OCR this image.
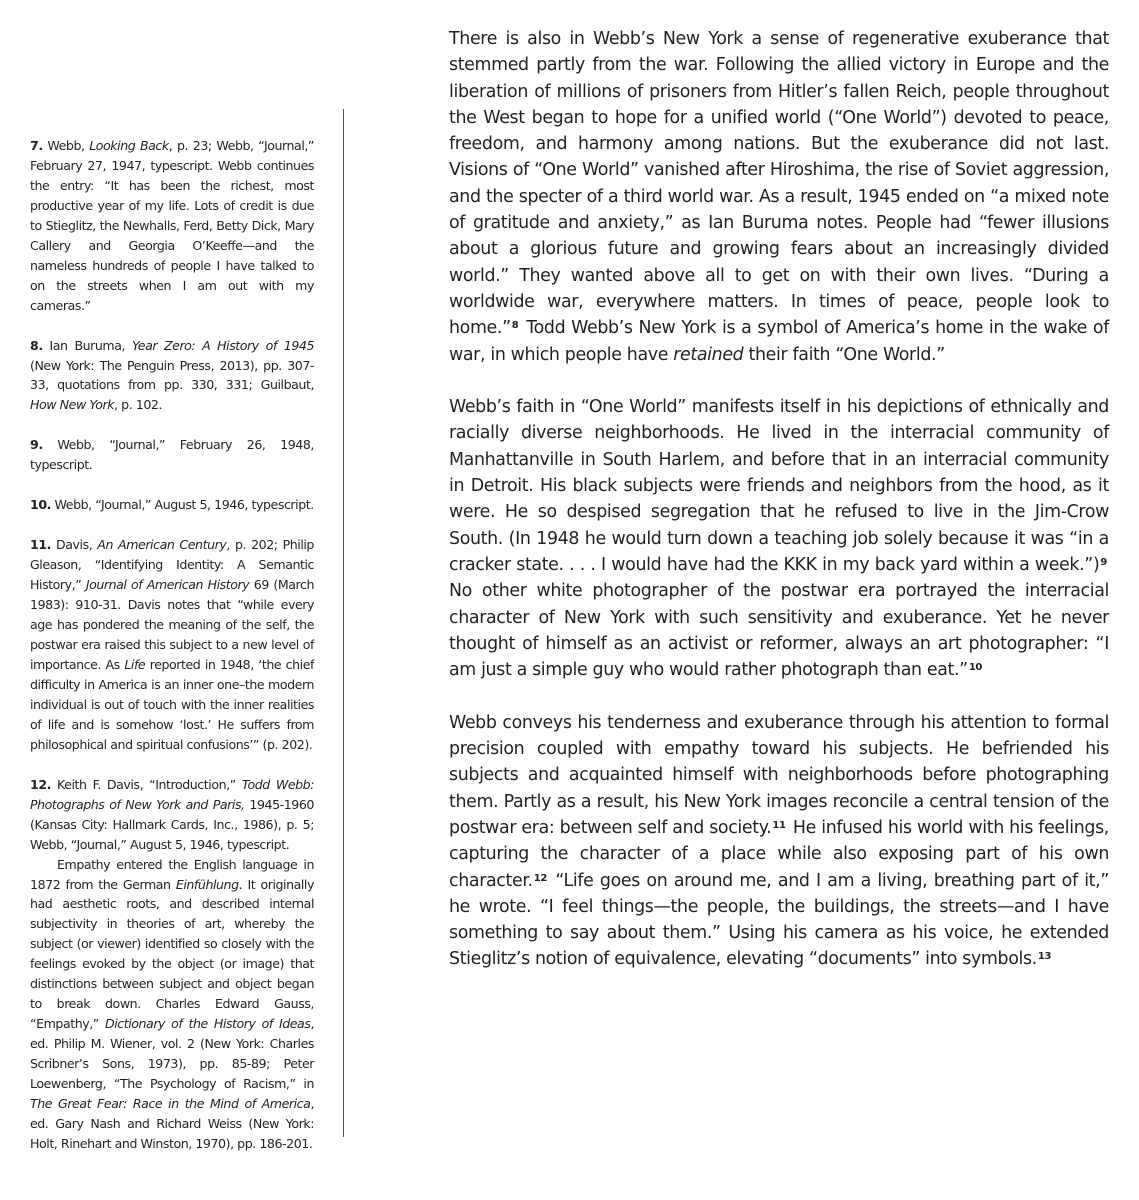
7. Webb, Looking Back, p. 23; Webb, “Journal,” February 27, 1947, typescript. Webb continues the entry: “It has been the richest, most productive year of my life. Lots of credit is due to Stieglitz, the Newhalls, Ferd, Betty Dick, Mary Callery and Georgia O’Keeffe—and the nameless hundreds of people I have talked to on the streets when I am out with my cameras.”

8. Ian Buruma, Year Zero: A History of 1945 (New York: The Penguin Press, 2013), pp. 307-33, quotations from pp. 330, 331; Guilbaut, How New York, p. 102.

9. Webb, “Journal,” February 26, 1948, typescript.

10. Webb, “Journal,” August 5, 1946, typescript.

11. Davis, An American Century, p. 202; Philip Gleason, “Identifying Identity: A Semantic History,” Journal of American History 69 (March 1983): 910-31. Davis notes that “while every age has pondered the meaning of the self, the postwar era raised this subject to a new level of importance. As Life reported in 1948, ‘the chief difficulty in America is an inner one–the modern individual is out of touch with the inner realities of life and is somehow ‘lost.’ He suffers from philosophical and spiritual confusions’” (p. 202).

12. Keith F. Davis, “Introduction,” Todd Webb: Photographs of New York and Paris, 1945-1960 (Kansas City: Hallmark Cards, Inc., 1986), p. 5; Webb, “Journal,” August 5, 1946, typescript.

Empathy entered the English language in 1872 from the German Einfühlung. It originally had aesthetic roots, and described internal subjectivity in theories of art, whereby the subject (or viewer) identified so closely with the feelings evoked by the object (or image) that distinctions between subject and object began to break down. Charles Edward Gauss, “Empathy,” Dictionary of the History of Ideas, ed. Philip M. Wiener, vol. 2 (New York: Charles Scribner’s Sons, 1973), pp. 85-89; Peter Loewenberg, “The Psychology of Racism,” in The Great Fear: Race in the Mind of America, ed. Gary Nash and Richard Weiss (New York: Holt, Rinehart and Winston, 1970), pp. 186-201.

There is also in Webb’s New York a sense of regenerative exuberance that stemmed partly from the war. Following the allied victory in Europe and the liberation of millions of prisoners from Hitler’s fallen Reich, people throughout the West began to hope for a unified world (“One World”) devoted to peace, freedom, and harmony among nations. But the exuberance did not last. Visions of “One World” vanished after Hiroshima, the rise of Soviet aggression, and the specter of a third world war. As a result, 1945 ended on “a mixed note of gratitude and anxiety,” as Ian Buruma notes. People had “fewer illusions about a glorious future and growing fears about an increasingly divided world.” They wanted above all to get on with their own lives. “During a worldwide war, everywhere matters. In times of peace, people look to home.”$^8$ Todd Webb’s New York is a symbol of America’s home in the wake of war, in which people have retained their faith “One World.”

Webb’s faith in “One World” manifests itself in his depictions of ethnically and racially diverse neighborhoods. He lived in the interracial community of Manhattanville in South Harlem, and before that in an interracial community in Detroit. His black subjects were friends and neighbors from the hood, as it were. He so despised segregation that he refused to live in the Jim-Crow South. (In 1948 he would turn down a teaching job solely because it was “in a cracker state. . . . I would have had the KKK in my back yard within a week.”)$^9$ No other white photographer of the postwar era portrayed the interracial character of New York with such sensitivity and exuberance. Yet he never thought of himself as an activist or reformer, always an art photographer: “I am just a simple guy who would rather photograph than eat.”$^{10}$

Webb conveys his tenderness and exuberance through his attention to formal precision coupled with empathy toward his subjects. He befriended his subjects and acquainted himself with neighborhoods before photographing them. Partly as a result, his New York images reconcile a central tension of the postwar era: between self and society.$^{11}$ He infused his world with his feelings, capturing the character of a place while also exposing part of his own character.$^{12}$ “Life goes on around me, and I am a living, breathing part of it,” he wrote. “I feel things—the people, the buildings, the streets—and I have something to say about them.” Using his camera as his voice, he extended Stieglitz’s notion of equivalence, elevating “documents” into symbols.$^{13}$
